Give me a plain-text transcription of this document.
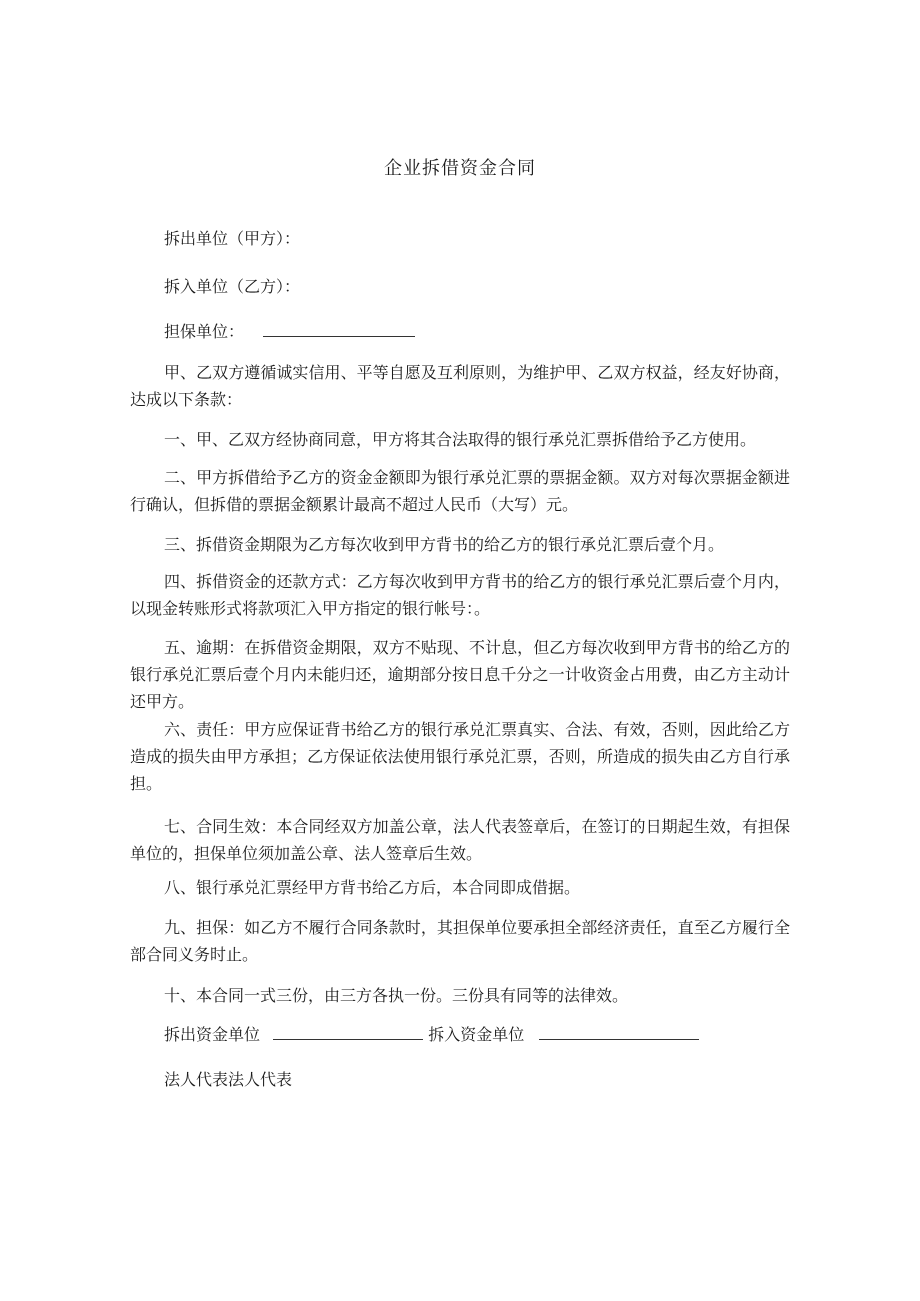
企业拆借资金合同
拆出单位（甲方）：
拆入单位（乙方）：
担保单位：
甲、乙双方遵循诚实信用、平等自愿及互利原则，为维护甲、乙双方权益，经友好协商，达成以下条款：
一、甲、乙双方经协商同意，甲方将其合法取得的银行承兑汇票拆借给予乙方使用。
二、甲方拆借给予乙方的资金金额即为银行承兑汇票的票据金额。双方对每次票据金额进行确认，但拆借的票据金额累计最高不超过人民币（大写）元。
三、拆借资金期限为乙方每次收到甲方背书的给乙方的银行承兑汇票后壹个月。
四、拆借资金的还款方式：乙方每次收到甲方背书的给乙方的银行承兑汇票后壹个月内，以现金转账形式将款项汇入甲方指定的银行帐号：。
五、逾期：在拆借资金期限，双方不贴现、不计息，但乙方每次收到甲方背书的给乙方的银行承兑汇票后壹个月内未能归还，逾期部分按日息千分之一计收资金占用费，由乙方主动计还甲方。
六、责任：甲方应保证背书给乙方的银行承兑汇票真实、合法、有效，否则，因此给乙方造成的损失由甲方承担；乙方保证依法使用银行承兑汇票，否则，所造成的损失由乙方自行承担。
七、合同生效：本合同经双方加盖公章，法人代表签章后，在签订的日期起生效，有担保单位的，担保单位须加盖公章、法人签章后生效。
八、银行承兑汇票经甲方背书给乙方后，本合同即成借据。
九、担保：如乙方不履行合同条款时，其担保单位要承担全部经济责任，直至乙方履行全部合同义务时止。
十、本合同一式三份，由三方各执一份。三份具有同等的法律效。
拆出资金单位	拆入资金单位
法人代表法人代表
